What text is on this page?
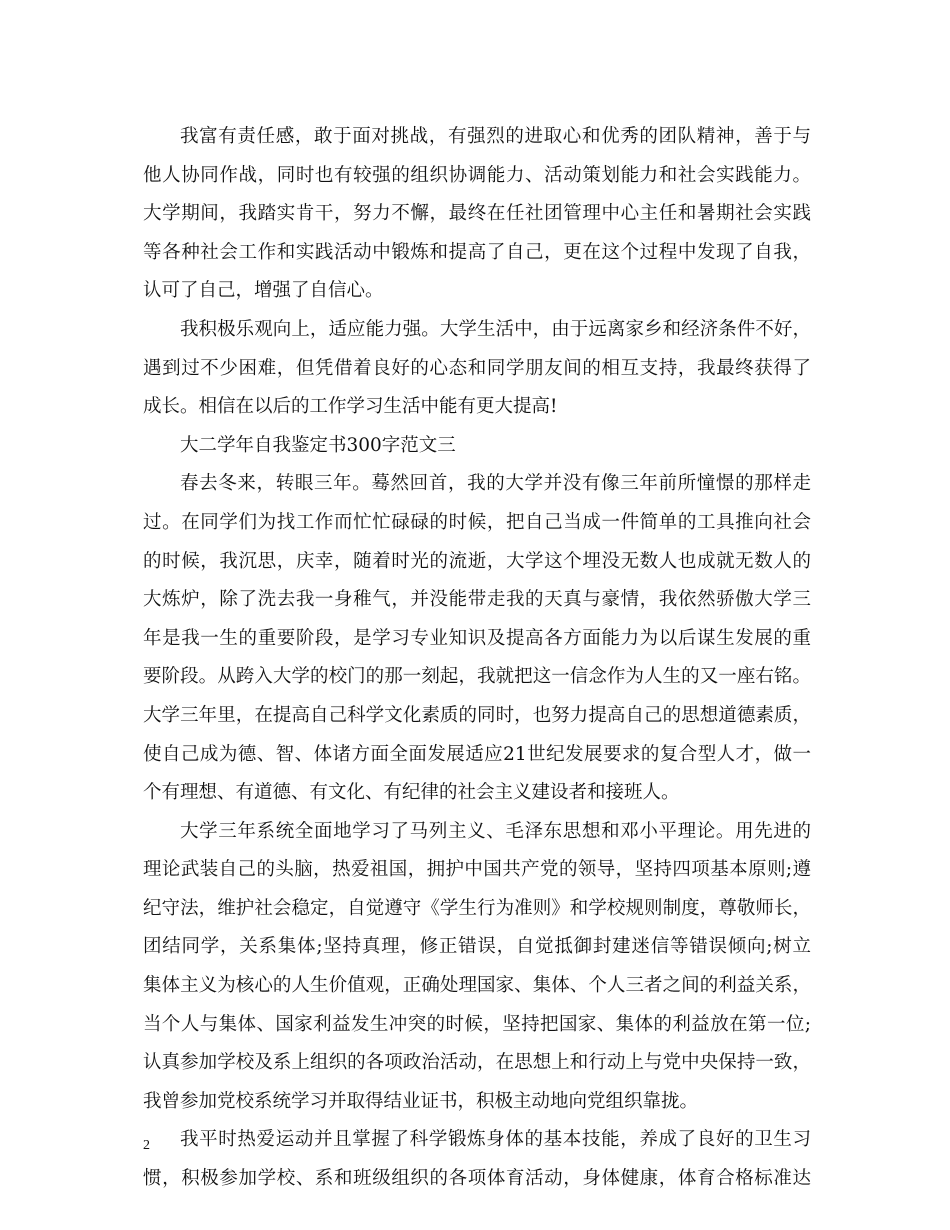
我富有责任感，敢于面对挑战，有强烈的进取心和优秀的团队精神，善于与
他人协同作战，同时也有较强的组织协调能力、活动策划能力和社会实践能力。
大学期间，我踏实肯干，努力不懈，最终在任社团管理中心主任和暑期社会实践
等各种社会工作和实践活动中锻炼和提高了自己，更在这个过程中发现了自我，
认可了自己，增强了自信心。
我积极乐观向上，适应能力强。大学生活中，由于远离家乡和经济条件不好，
遇到过不少困难，但凭借着良好的心态和同学朋友间的相互支持，我最终获得了
成长。相信在以后的工作学习生活中能有更大提高!
大二学年自我鉴定书300字范文三
春去冬来，转眼三年。蓦然回首，我的大学并没有像三年前所憧憬的那样走
过。在同学们为找工作而忙忙碌碌的时候，把自己当成一件简单的工具推向社会
的时候，我沉思，庆幸，随着时光的流逝，大学这个埋没无数人也成就无数人的
大炼炉，除了洗去我一身稚气，并没能带走我的天真与豪情，我依然骄傲大学三
年是我一生的重要阶段，是学习专业知识及提高各方面能力为以后谋生发展的重
要阶段。从跨入大学的校门的那一刻起，我就把这一信念作为人生的又一座右铭。
大学三年里，在提高自己科学文化素质的同时，也努力提高自己的思想道德素质，
使自己成为德、智、体诸方面全面发展适应21世纪发展要求的复合型人才，做一
个有理想、有道德、有文化、有纪律的社会主义建设者和接班人。
大学三年系统全面地学习了马列主义、毛泽东思想和邓小平理论。用先进的
理论武装自己的头脑，热爱祖国，拥护中国共产党的领导，坚持四项基本原则;遵
纪守法，维护社会稳定，自觉遵守《学生行为准则》和学校规则制度，尊敬师长，
团结同学，关系集体;坚持真理，修正错误，自觉抵御封建迷信等错误倾向;树立
集体主义为核心的人生价值观，正确处理国家、集体、个人三者之间的利益关系，
当个人与集体、国家利益发生冲突的时候，坚持把国家、集体的利益放在第一位;
认真参加学校及系上组织的各项政治活动，在思想上和行动上与党中央保持一致，
我曾参加党校系统学习并取得结业证书，积极主动地向党组织靠拢。
我平时热爱运动并且掌握了科学锻炼身体的基本技能，养成了良好的卫生习
惯，积极参加学校、系和班级组织的各项体育活动，身体健康，体育合格标准达
2
